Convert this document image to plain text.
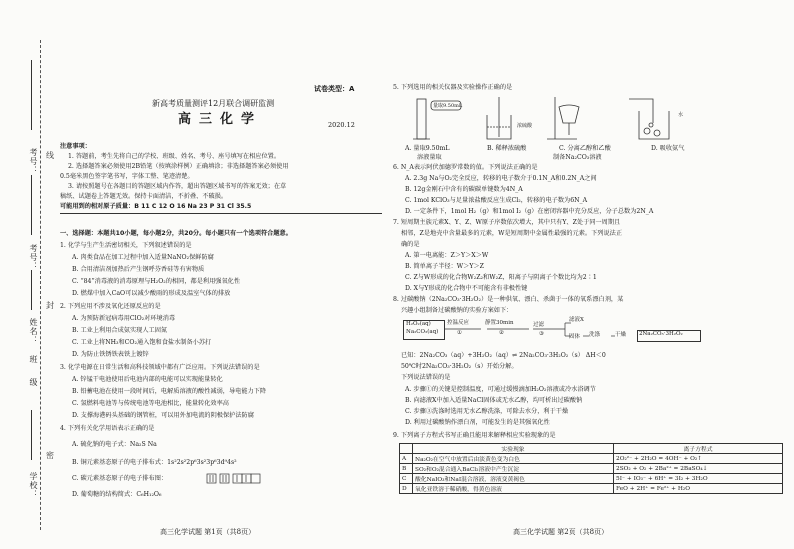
考号：
考号：
姓名：
班
级
学校：
线
封
密
试卷类型：A
新高考质量测评12月联合调研监测
高三化学	2020.12
注意事项：
1. 答题前，考生先将自己的学校、班级、姓名、考号、座号填写在相应位置。
2. 选择题答案必须使用2B铅笔（按填涂样例）正确填涂；非选择题答案必须使用
0.5毫米黑色签字笔书写，字体工整、笔迹清楚。
3. 请按照题号在各题目的答题区域内作答，超出答题区域书写的答案无效；在草
稿纸、试题卷上答题无效。保持卡面清洁，不折叠、不破损。
可能用到的相对原子质量：B 11 C 12 O 16 Na 23 P 31 Cl 35.5
一、选择题：本题共10小题，每小题2分，共20分。每小题只有一个选项符合题意。
1. 化学与生产生活密切相关，下列叙述错误的是
A. 肉类食品在加工过程中加入适量NaNO₂保鲜防腐
B. 合用清洁剂加热后产生钢呼芬香硅等有害物质
C. “84”消毒液的消毒原理与H₂O₂的相同，都是利用强氧化性
D. 燃煤中加入CaO可以减少酸雨的形成及温室气体的排放
2. 下列应用不涉及氧化还原反应的是
A. 为预防新冠病毒用ClO₂对环境消毒
B. 工业上利用合成氨实现人工固氮
C. 工业上将NH₃和CO₂通入饱和食盐水制备小苏打
D. 为防止铁锈铁表铁上镀锌
3. 化学电源在日常生活和高科技领域中都有广泛应用。下列说法错误的是
A. 锌锰干电池使用后电池内部的电能可以实现能量转化
B. 铅蓄电池在使用一段时间后，电解质溶液的酸性减弱，导电能力下降
C. 氢燃料电池等与传统电池等电池相比，能量转化效率高
D. 支撑海港码头基础的钢管桩，可以用外加电流的阴极保护法防腐
4. 下列有关化学用语表示正确的是
A. 硫化钠的电子式：Na₂S Na
B. 铜元素基态原子的电子排布式：1s²2s²2p⁶3s²3p⁶3d⁹4s²
C. 碳元素基态原子的电子排布图：
D. 葡萄糖的结构简式：C₆H₁₂O₆
高三化学试题 第1页（共8页）
5. 下列选用的相关仪器及实验操作正确的是
量取9.50mL
浓硫酸
水
A. 量取9.50mL	B. 稀释浓硫酸	C. 分离乙醇和乙酸	D. 吸收氨气
溶液量取	制备Na₂CO₃溶液
6. N_A表示阿伏加德罗常数的值。下列说法正确的是
A. 2.3g Na与O₂完全反应，转移的电子数介于0.1N_A和0.2N_A之间
B. 12g金刚石中含有的碳碳单键数为4N_A
C. 1mol KClO₃与足量浓盐酸反应生成Cl₂，转移的电子数为6N_A
D. 一定条件下，1mol H₂（g）和1mol I₂（g）在密闭容器中充分反应，分子总数为2N_A
7. 短周期主族元素X、Y、Z、W原子序数依次增大，其中只有Y、Z处于同一周期且
相邻，Z是地壳中含量最多的元素，W是短周期中金属性最强的元素。下列说法正
确的是
A. 第一电离能：Z＞Y＞X＞W
B. 简单离子半径：W＞Y＞Z
C. Z与W形成的化合物W₂Z₂和W₂Z，阳离子与阴离子个数比均为2∶1
D. X与Y形成的化合物中不可能含有非极性键
8. 过碳酸钠（2Na₂CO₃·3H₂O₂）是一种供氧、漂白、杀菌于一体的氧系漂白剂，某
兴趣小组制备过碳酸钠的实验方案如下：
H₂O₂(aq)
Na₂CO₃(aq)
控温反应
①
静置30min
②
过滤
③
滤液X
固体 洗涤	干燥 2Na₂CO₃·3H₂O₂
已知：2Na₂CO₃（aq）+3H₂O₂（aq）⇌ 2Na₂CO₃·3H₂O₂（s） ΔH＜0
50℃时2Na₂CO₃·3H₂O₂（s）开始分解。
下列说法错误的是
A. 步骤①的关键是控制温度，可通过缓慢滴加H₂O₂溶液或冷水浴调节
B. 向滤液X中加入适量NaCl固体或无水乙醇，均可析出过碳酸钠
C. 步骤③洗涤时选用无水乙醇洗涤，可除去水分，利于干燥
D. 利用过碳酸钠作漂白剂，可能发生的是其强氧化性
9. 下列离子方程式书写正确且能用来解释相应实验现象的是
	实验现象	离子方程式
A	Na₂O₂在空气中放置后由淡黄色变为白色	2O₂²⁻ + 2H₂O = 4OH⁻ + O₂↑
B	SO₂和O₂混合通入BaCl₂溶液中产生沉淀	2SO₂ + O₂ + 2Ba²⁺ = 2BaSO₄↓
C	酸化NaIO₃和NaI混合溶液，溶液变黄褐色	5I⁻ + IO₃⁻ + 6H⁺ = 3I₂ + 3H₂O
D	氧化亚铁溶于稀硝酸，得黄色溶液	FeO + 2H⁺ = Fe²⁺ + H₂O
高三化学试题 第2页（共8页）
